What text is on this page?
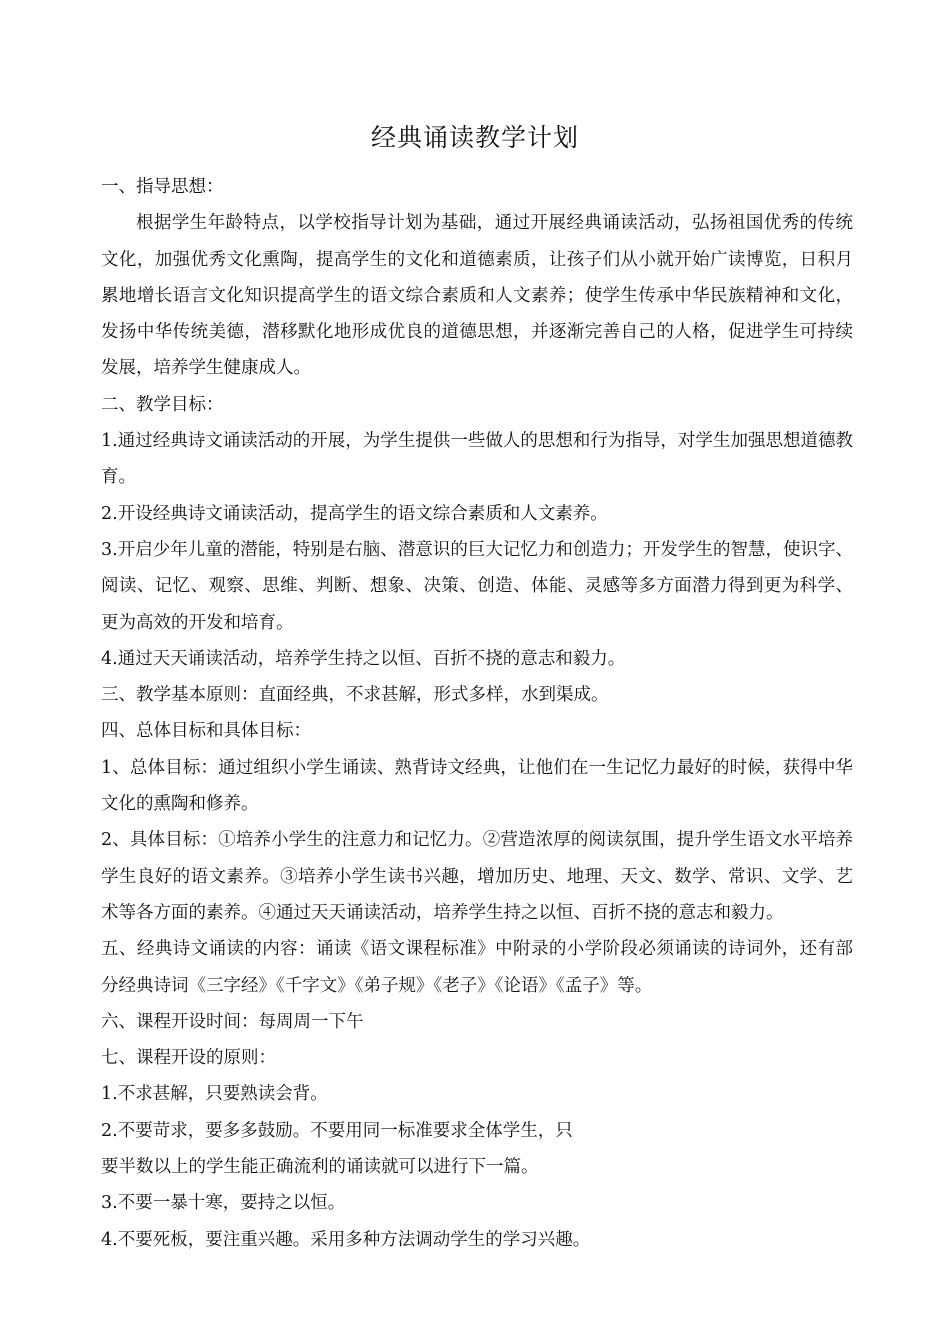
经典诵读教学计划

一、指导思想：

根据学生年龄特点，以学校指导计划为基础，通过开展经典诵读活动，弘扬祖国优秀的传统文化，加强优秀文化熏陶，提高学生的文化和道德素质，让孩子们从小就开始广读博览，日积月累地增长语言文化知识提高学生的语文综合素质和人文素养；使学生传承中华民族精神和文化，发扬中华传统美德，潜移默化地形成优良的道德思想，并逐渐完善自己的人格，促进学生可持续发展，培养学生健康成人。

二、教学目标：

1.通过经典诗文诵读活动的开展，为学生提供一些做人的思想和行为指导，对学生加强思想道德教育。

2.开设经典诗文诵读活动，提高学生的语文综合素质和人文素养。

3.开启少年儿童的潜能，特别是右脑、潜意识的巨大记忆力和创造力；开发学生的智慧，使识字、阅读、记忆、观察、思维、判断、想象、决策、创造、体能、灵感等多方面潜力得到更为科学、更为高效的开发和培育。

4.通过天天诵读活动，培养学生持之以恒、百折不挠的意志和毅力。

三、教学基本原则：直面经典，不求甚解，形式多样，水到渠成。

四、总体目标和具体目标：

1、总体目标：通过组织小学生诵读、熟背诗文经典，让他们在一生记忆力最好的时候，获得中华文化的熏陶和修养。

2、具体目标：①培养小学生的注意力和记忆力。②营造浓厚的阅读氛围，提升学生语文水平培养学生良好的语文素养。③培养小学生读书兴趣，增加历史、地理、天文、数学、常识、文学、艺术等各方面的素养。④通过天天诵读活动，培养学生持之以恒、百折不挠的意志和毅力。

五、经典诗文诵读的内容：诵读《语文课程标准》中附录的小学阶段必须诵读的诗词外，还有部分经典诗词《三字经》《千字文》《弟子规》《老子》《论语》《孟子》等。

六、课程开设时间：每周周一下午

七、课程开设的原则：

1.不求甚解，只要熟读会背。

2.不要苛求，要多多鼓励。不要用同一标准要求全体学生，只

要半数以上的学生能正确流利的诵读就可以进行下一篇。

3.不要一暴十寒，要持之以恒。

4.不要死板，要注重兴趣。采用多种方法调动学生的学习兴趣。
